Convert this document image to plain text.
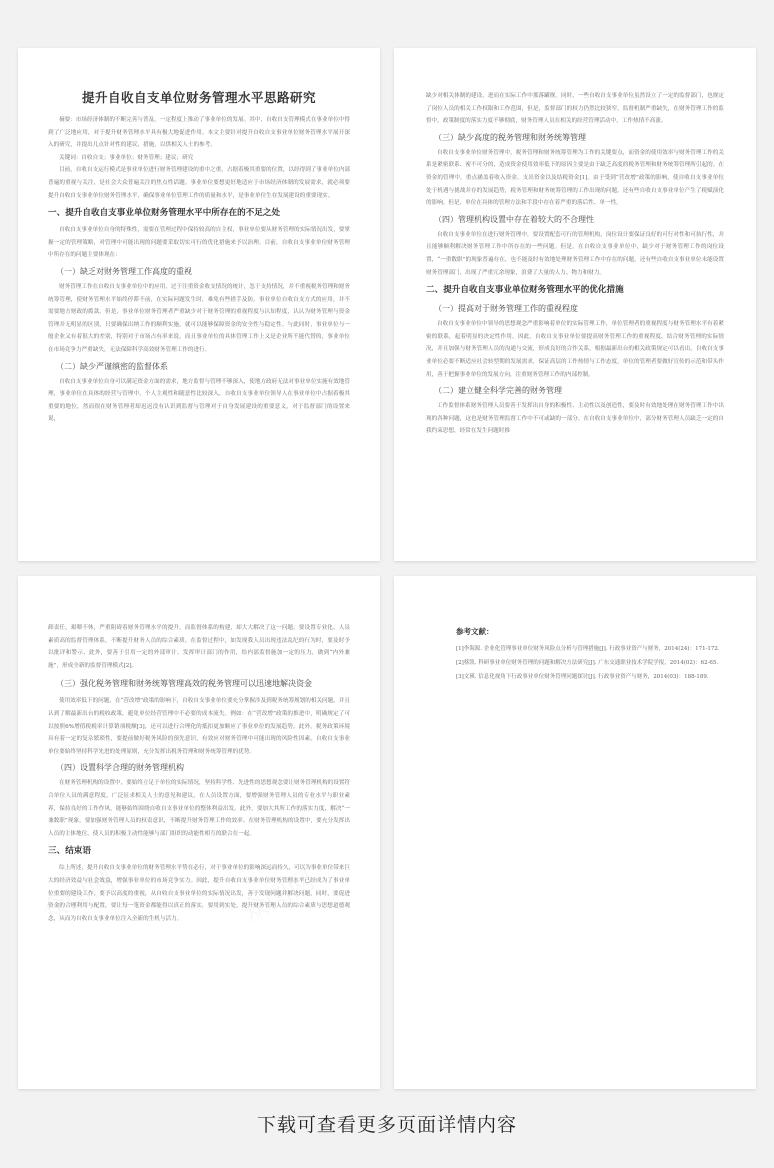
提升自收自支单位财务管理水平思路研究

摘要：市场经济体制的不断完善与普及，一定程度上推动了事业单位的发展。其中，自收自支管理模式在事业单位中得到了广泛地应用，对于提升财务管理水平具有极大地促进作用。本文主要针对提升自收自支事业单位财务管理水平展开深入的研究，并提出几点针对性的建议，措施，以供相关人士的参考。

关键词：自收自支；事业单位；财务管理；建议；研究

目前，自收自支运行模式是事业单位进行财务管理建设的重中之重，占据着极其重要的位置，以经得到了事业单位内部普遍的重视与关注，是社会大众普遍关注的焦点性话题。事业单位要想更好地适应于市场经济体制的发展需求，就必须要提升自收自支事业单位财务管理水平，确保事业单位管理工作的质量和水平，是事业单位生存发展建设的重要现实。

一、提升自收自支事业单位财务管理水平中所存在的不足之处

自收自支事业单位自身的特殊性，需要在管理过程中保持较高的自主权，事业单位要从财务管理的实际情况出发，要掌握一定的管理策略，对管理中可能出现的问题要采取切实可行的优化措施来予以治理。目前，自收自支事业单位财务管理中所存在的问题主要体现在：

（一）缺乏对财务管理工作高度的重视

财务管理工作在自收自支事业单位中的应用，过于注重资金收支情况的统计，忽于支持情况，并不重视税务管理和财务统筹管理，使财务管理水平始终停滞不前，在实际问题发生时，难免有些措手及防。事业单位自收自支方式的应用，并不需要地方财政的拨款。但是，事业单位财务管理者严重缺少对于财务管理的重视程度与认知程度，认认为财务管理与资金管理并无明显的区别，只要确保出纳工作的顺利实施，就可以能够保障资金的安全性与稳定性。与此同时，事业单位与一般企业又有着很大的差别，特别对于市场占有率来说，而且事业单位的具体管理工作上又是企业所不能代替的，事业单位在市场竞争力严重缺失，无法保障科学高效财务管理工作的进行。

（二）缺少严谨缜密的监督体系

自收自支事业单位自身可以满足资金方面的需求，地方监督与管理不够深入，使地方政府无法对事业单位实施有效地管理，事业单位在具体的经营与管理中，个人主观性和随意性比较深入，自收自支事业单位领导人在事业单位中占据着极其重要的地位，然而很在财务管理者却迟迟没有认识到监督与管理对于自身发展建设的重要意义，对于监督部门的设置来说，

缺少对相关体制的建设，进而在实际工作中那落罐规。同时，一些自收自支事业单位虽然设立了一定的监督部门，也规定了岗位人员的相关工作权限和工作范围，但是，监督部门的权力仍然比较狭窄，监督机制严重缺失，在财务管理工作的监督中，政策制度的落实力度不够彻底，财务管理人员在相关的经营管理活动中，工作热情不高涨。

（三）缺少高度的税务管理和财务统筹管理

自收自支事业单位财务管理中，税务管理和财务统筹管理为工作的关键要点，而资金的使用效率与财务管理工作的关系是紧密联系、密不可分的，造成资金使用效率低下的原因主要是由于缺乏高度的税务管理和财务统筹管理所引起的。在资金的管理中，重点涵盖着收入资金、支出资金以及结税资金[1]。由于受到“营改增”政策的影响，使自收自支事业单位处于机遇与挑战并存的发展趋势，税务管理和财务统筹管理的工作出现的问题，还有些自收自支事业单位产生了税赋演化的影响。但是，单位在具体的管理方法和手段中存在着严重的落后性、单一性。

（四）管理机构设置中存在着较大的不合理性

自收自支事业单位在进行财务管理中，要设置配套可行的管理机构，岗位设计要保证良好的可行对性和可执行性，并且能够顺利解决财务管理工作中所存在的一些问题。但是，在自收自支事业单位中，缺少对于财务管理工作的岗位设置，“一重数职”的现象普遍存在，也不能及时有效地处理财务管理工作中存在的问题，还有些自收自支事业单位未能设置财务管理部门，出现了严重冗余现象，浪费了大量的人力、物力和财力。

二、提升自收自支事业单位财务管理水平的优化措施

（一）提高对于财务管理工作的重视程度

自收自支事业单位中领导的思想观念严重影响着单位的实际管理工作，单位管理者的重视程度与财务管理水平有着紧密的联系，起着明显的决定性作用。因此，自收自支事业单位要提高财务管理工作的重视程度，结合财务管理的实际情况，并且加强与财务管理人员的沟通与交流，形成良好的合作关系，根据最新出台的相关政策规定可以看出，自收自支事业单位必要不断适应社会转型期的发展需求，保证高层的工作热情与工作态度，单位的管理者要做好宣传的示范和带头作用，善于把握事业单位的发展方向，注重财务管理工作的内部控制。

（二）建立健全科学完善的财务管理

工作监督体系财务管理人员要善于发挥出自身的积极性、主动性以及创造性，要及时有效地处理在财务管理工作中出现的各种问题，这也是财务管理监督工作中不可或缺的一部分。在自收自支事业单位中，部分财务管理人员缺乏一定的自我约束思想，经常在发生问题时推

卸责任，艰喂不休，严重阻碍着财务管理水平的提升。而监督体系的构建，却大大解决了这一问题，要设置专业化、人员素质高的监督管理体系，不断提升财务人员的综合素质。在监督过程中，如发现我人员出现违法乱纪的行为时，要及时予以批评和警示，此外，要善于引用一定的外部审计，发挥审计部门的作用，给内部监督施加一定的压力，做到“内外兼施”，形成全新的监督管理模式[2]。

（三）强化税务管理和财务统筹管理高效的税务管理可以迅速地解决资金

使用效率低下的问题，在“营改增”政策的影响下，自收自支事业单位要充分掌握涉及到税务统筹规划的相关问题，并且认到了解最新出台的税收政策，避免单位经营管理中不必要的成本流失。例如：在“营改增”政策的推进中，明确规定了可以按照6%增值税税率计算销项税额[3]，还可以进行合理化的抵扣更加顺应了事业单位的发展趋势。此外，税务政策环境具有着一定的复杂繁琐性，要提前做好税务风险的预先意识，有效应对财务管理中可能出现的风险性因素。自收自支事业单位要始终坚持科学先进的处理原则，充分发挥出税务管理和财务统筹管理的优势。

（四）设置科学合理的财务管理机构

在财务管理机构的设置中，要始终立足于单位的实际情况，坚持科学性、先进性的思想观念要让财务管理机构的设置符合单位人员的满意程度，广泛征求相关人士的意见和建议，在人员设置方面，要增强财务管理人员的专业水平与职业素养，保持良好的工作作风，能够始终围绕自收自支事业单位的整体利益出发。此外，要加大其所工作的落实力度，解决“一兼数职”现象，要加强财务管理人员的权责意识，不断提升财务管理工作的效率。在财务管理机构的设置中，要充分发挥出人员的主体地位，使人员的积极主动性能够与部门组织的动能性相互的联合在一起。

三、结束语

综上所述，提升自收自支事业单位的财务管理水平势在必行，对于事业单位的影响深远而持久，可以为事业单位带来巨大的经济效益与社会效益，增强事业单位的市场竞争实力。因此，提升自收自支事业单位财务管理水平已经成为了事业单位重要的建设工作，要予以高度的重视，从自收自支事业单位的实际情况出发，善于发现问题并解决问题，同时，要促进资金的合理利用与配置，要让每一笔资金都能得以真正的落实，要用到实处，提升财务管理人员的综合素质与思想道德观念，从而为自收自支事业单位注入全新的生机与活力。

参考文献：

[1]李海源. 企业化管理事业单位财务风险点分析与管理措施[J]. 行政事业资产与财务，2014(24)：171-172.

[2]蔡凯. 科研事业单位财务管理的问题和解决方法研究[J]. 广东交通职业技术学院学报，2014(02)：62-65.

[3]文瑛. 信息化视角下行政事业单位财务管理问题探讨[J]. 行政事业资产与财务，2014(03)：188-189.

下载可查看更多页面详情内容
